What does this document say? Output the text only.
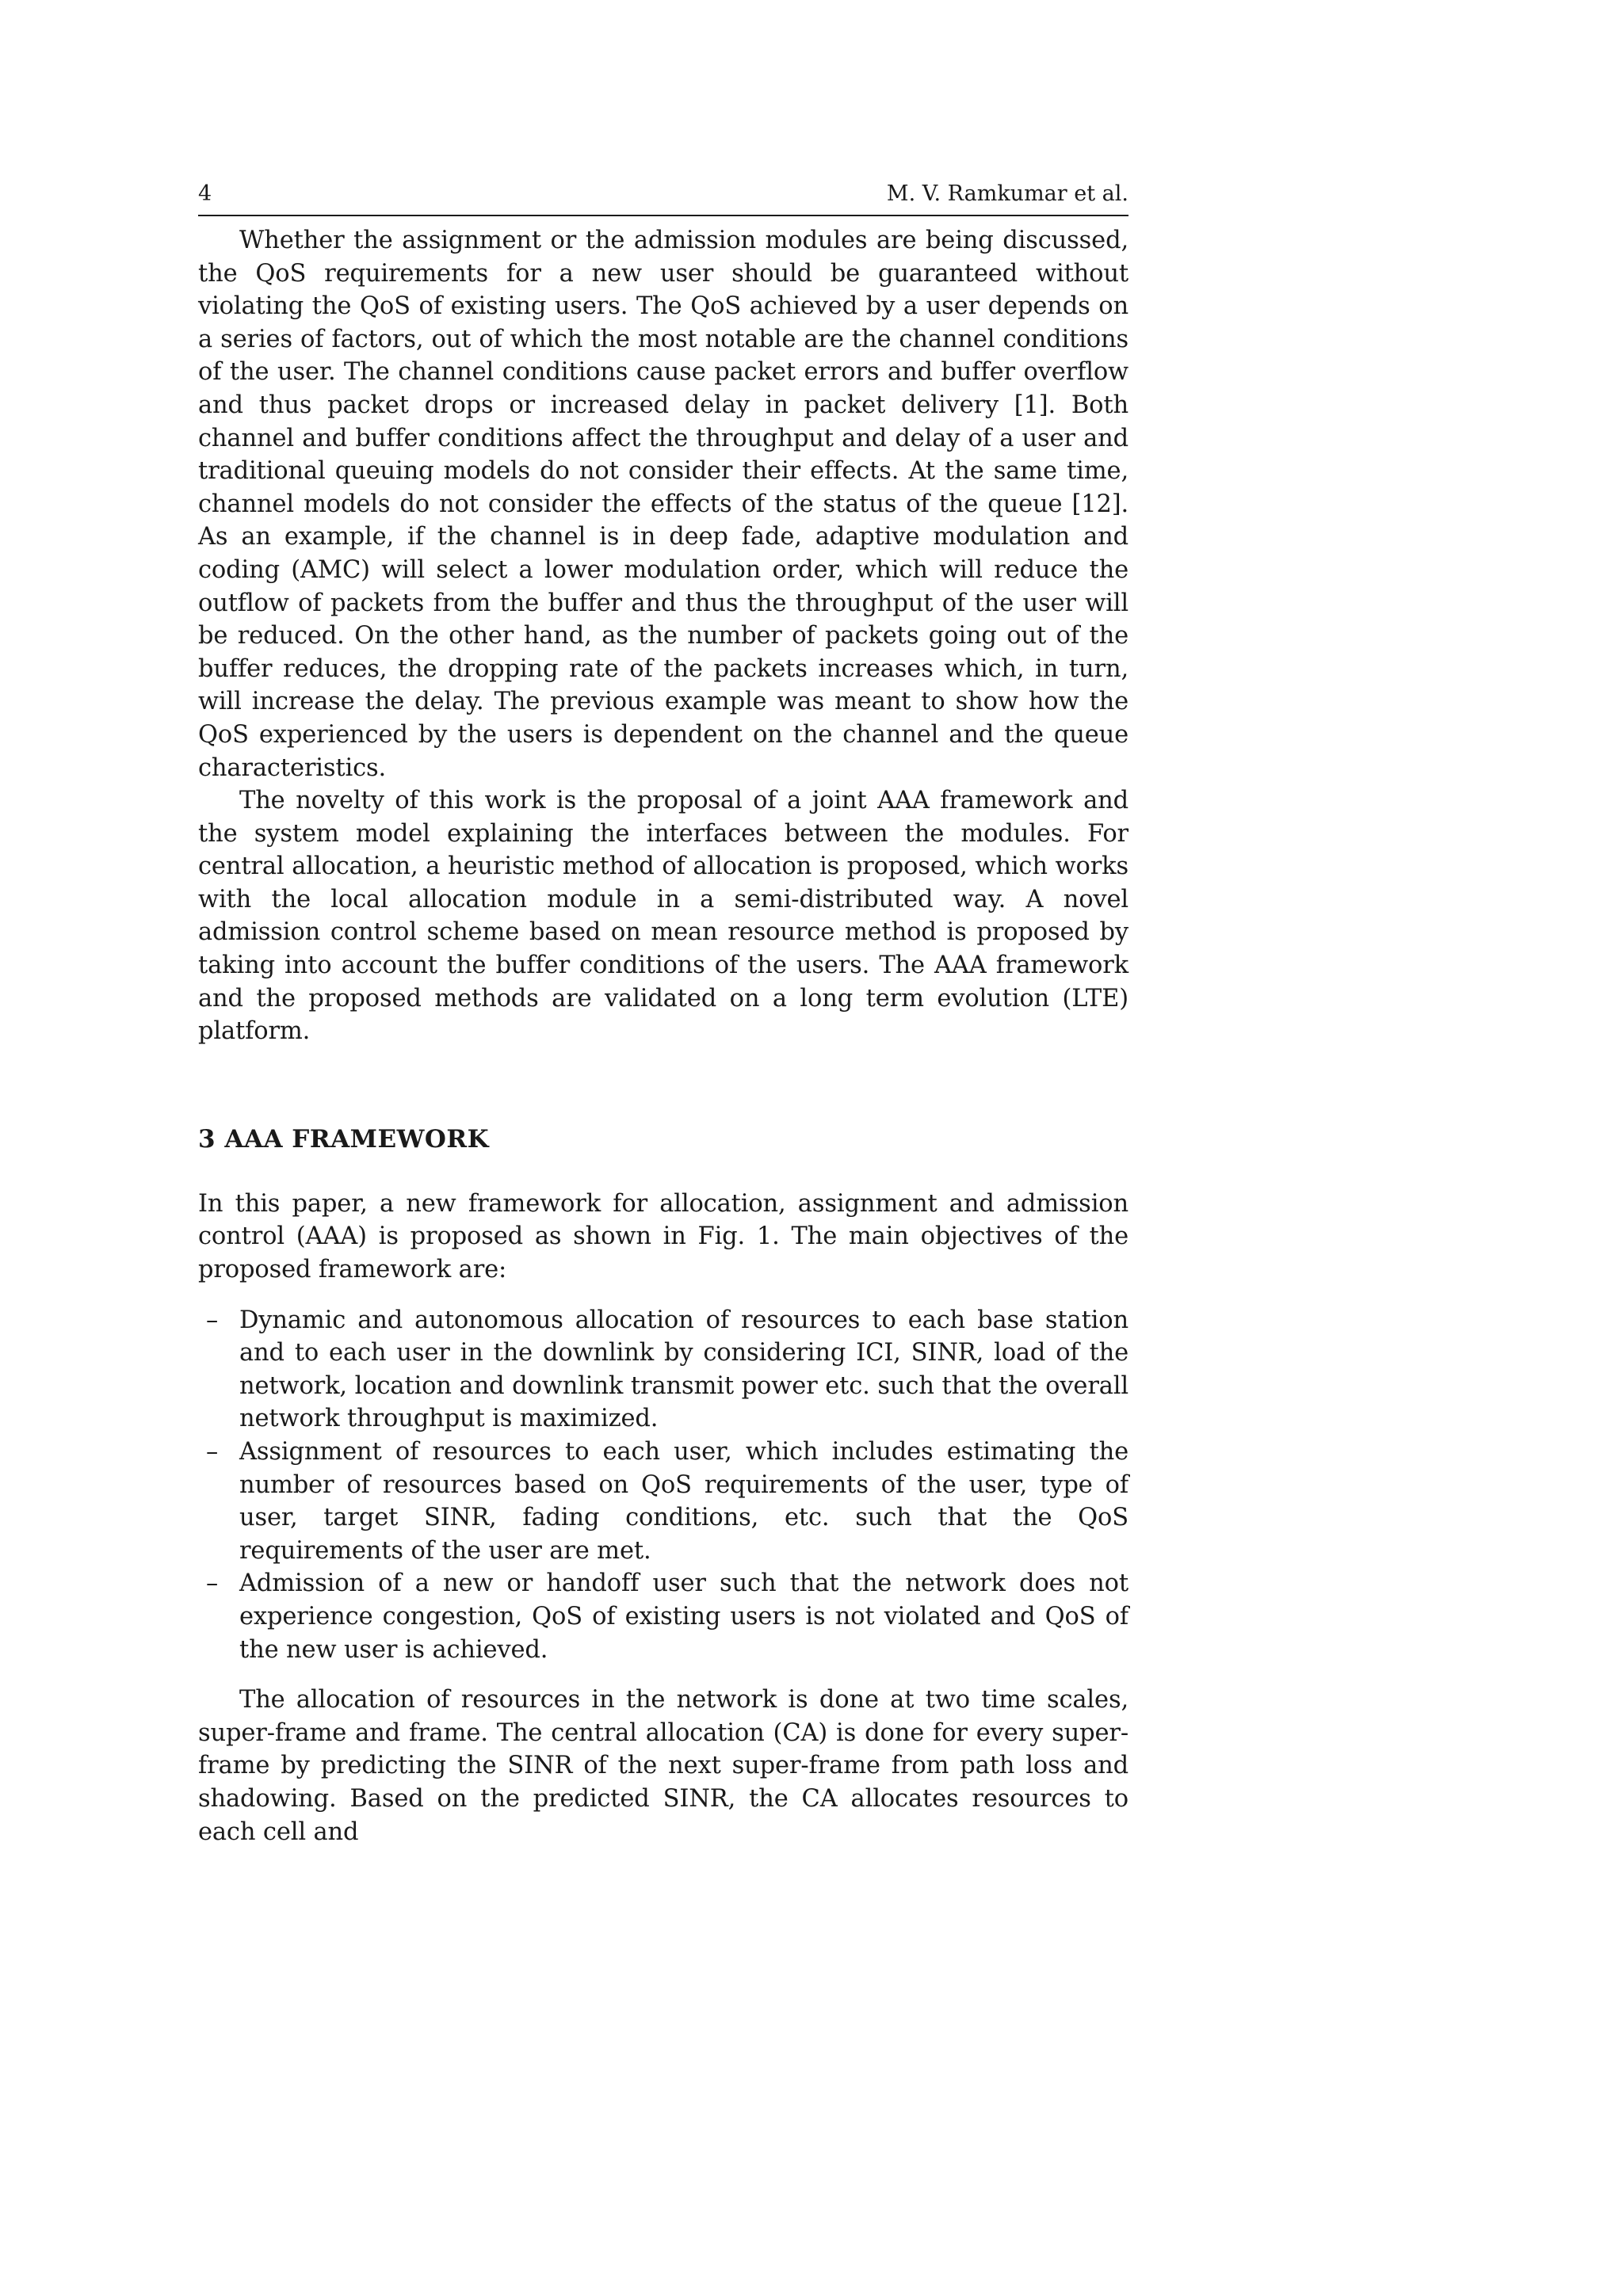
4	M. V. Ramkumar et al.

Whether the assignment or the admission modules are being discussed, the QoS requirements for a new user should be guaranteed without violating the QoS of existing users. The QoS achieved by a user depends on a series of factors, out of which the most notable are the channel conditions of the user. The channel conditions cause packet errors and buffer overflow and thus packet drops or increased delay in packet delivery [1]. Both channel and buffer conditions affect the throughput and delay of a user and traditional queuing models do not consider their effects. At the same time, channel models do not consider the effects of the status of the queue [12]. As an example, if the channel is in deep fade, adaptive modulation and coding (AMC) will select a lower modulation order, which will reduce the outflow of packets from the buffer and thus the throughput of the user will be reduced. On the other hand, as the number of packets going out of the buffer reduces, the dropping rate of the packets increases which, in turn, will increase the delay. The previous example was meant to show how the QoS experienced by the users is dependent on the channel and the queue characteristics.

The novelty of this work is the proposal of a joint AAA framework and the system model explaining the interfaces between the modules. For central allocation, a heuristic method of allocation is proposed, which works with the local allocation module in a semi-distributed way. A novel admission control scheme based on mean resource method is proposed by taking into account the buffer conditions of the users. The AAA framework and the proposed methods are validated on a long term evolution (LTE) platform.

3 AAA FRAMEWORK

In this paper, a new framework for allocation, assignment and admission control (AAA) is proposed as shown in Fig. 1. The main objectives of the proposed framework are:

– Dynamic and autonomous allocation of resources to each base station and to each user in the downlink by considering ICI, SINR, load of the network, location and downlink transmit power etc. such that the overall network throughput is maximized.
– Assignment of resources to each user, which includes estimating the number of resources based on QoS requirements of the user, type of user, target SINR, fading conditions, etc. such that the QoS requirements of the user are met.
– Admission of a new or handoff user such that the network does not experience congestion, QoS of existing users is not violated and QoS of the new user is achieved.

The allocation of resources in the network is done at two time scales, super-frame and frame. The central allocation (CA) is done for every super-frame by predicting the SINR of the next super-frame from path loss and shadowing. Based on the predicted SINR, the CA allocates resources to each cell and
